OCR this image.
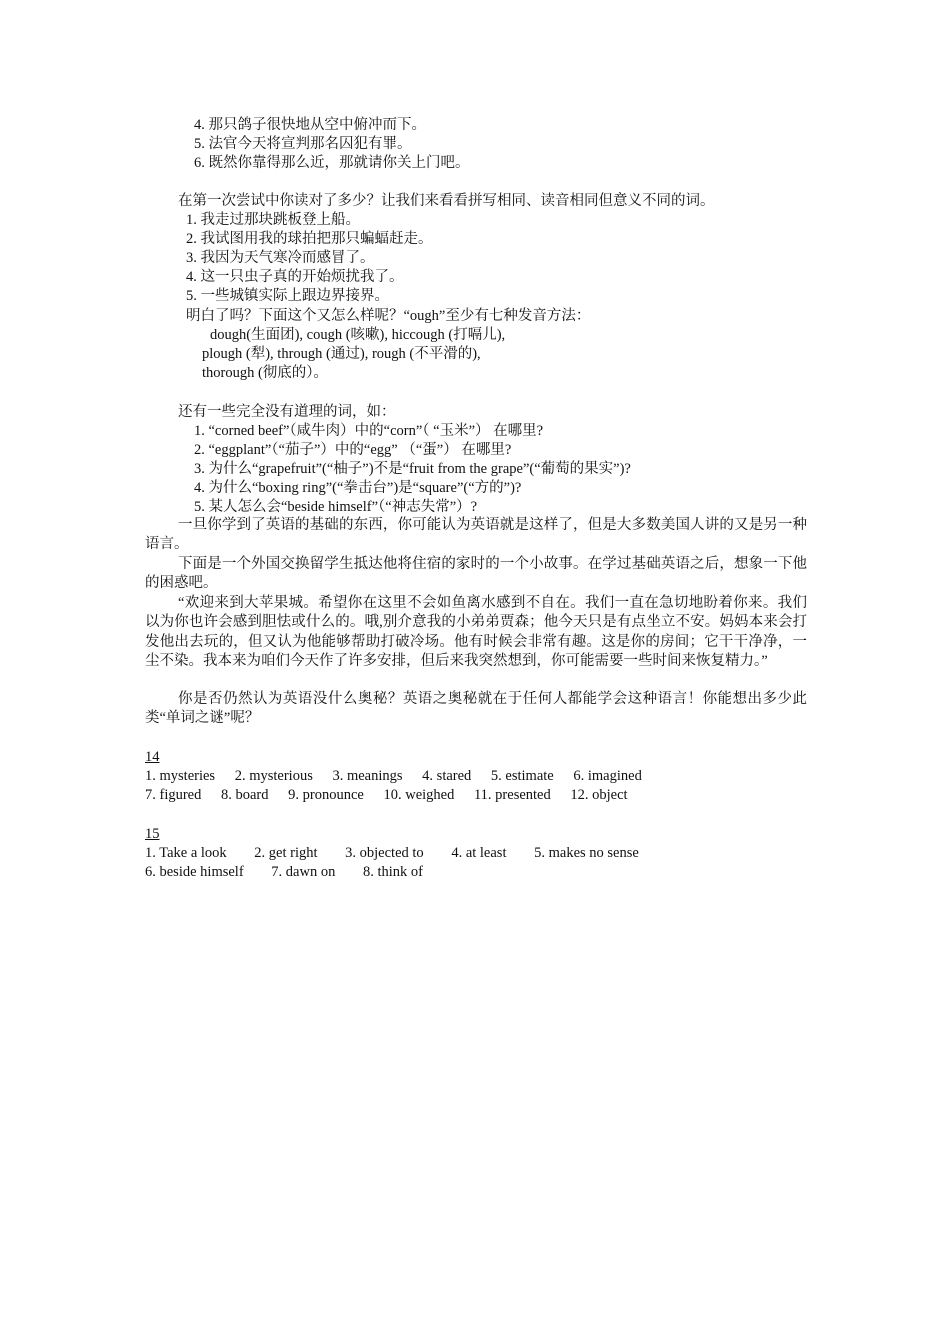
4. 那只鸽子很快地从空中俯冲而下。
5. 法官今天将宣判那名囚犯有罪。
6. 既然你靠得那么近，那就请你关上门吧。
在第一次尝试中你读对了多少？让我们来看看拼写相同、读音相同但意义不同的词。
1. 我走过那块跳板登上船。
2. 我试图用我的球拍把那只蝙蝠赶走。
3. 我因为天气寒冷而感冒了。
4. 这一只虫子真的开始烦扰我了。
5. 一些城镇实际上跟边界接界。
明白了吗？下面这个又怎么样呢？“ough”至少有七种发音方法：
dough(生面团), cough (咳嗽), hiccough (打嗝儿),
plough (犁), through (通过), rough (不平滑的),
thorough (彻底的）。
还有一些完全没有道理的词，如：
1. “corned beef”（咸牛肉）中的“corn”（ “玉米”） 在哪里?
2. “eggplant”（“茄子”）中的“egg” （“蛋”） 在哪里?
3. 为什么“grapefruit”(“柚子”)不是“fruit from the grape”(“葡萄的果实”)?
4. 为什么“boxing ring”(“拳击台”)是“square”(“方的”)?
5. 某人怎么会“beside himself”（“神志失常”）?
一旦你学到了英语的基础的东西，你可能认为英语就是这样了，但是大多数美国人讲的又是另一种语言。
下面是一个外国交换留学生抵达他将住宿的家时的一个小故事。在学过基础英语之后，想象一下他的困惑吧。
“欢迎来到大苹果城。希望你在这里不会如鱼离水感到不自在。我们一直在急切地盼着你来。我们以为你也许会感到胆怯或什么的。哦,别介意我的小弟弟贾森；他今天只是有点坐立不安。妈妈本来会打发他出去玩的，但又认为他能够帮助打破冷场。他有时候会非常有趣。这是你的房间；它干干净净，一尘不染。我本来为咱们今天作了许多安排，但后来我突然想到，你可能需要一些时间来恢复精力。”
你是否仍然认为英语没什么奥秘？英语之奥秘就在于任何人都能学会这种语言！你能想出多少此类“单词之谜”呢？
14
1. mysteries 2. mysterious 3. meanings 4. stared 5. estimate 6. imagined
7. figured 8. board 9. pronounce 10. weighed 11. presented 12. object
15
1. Take a look 2. get right 3. objected to 4. at least 5. makes no sense
6. beside himself 7. dawn on 8. think of
